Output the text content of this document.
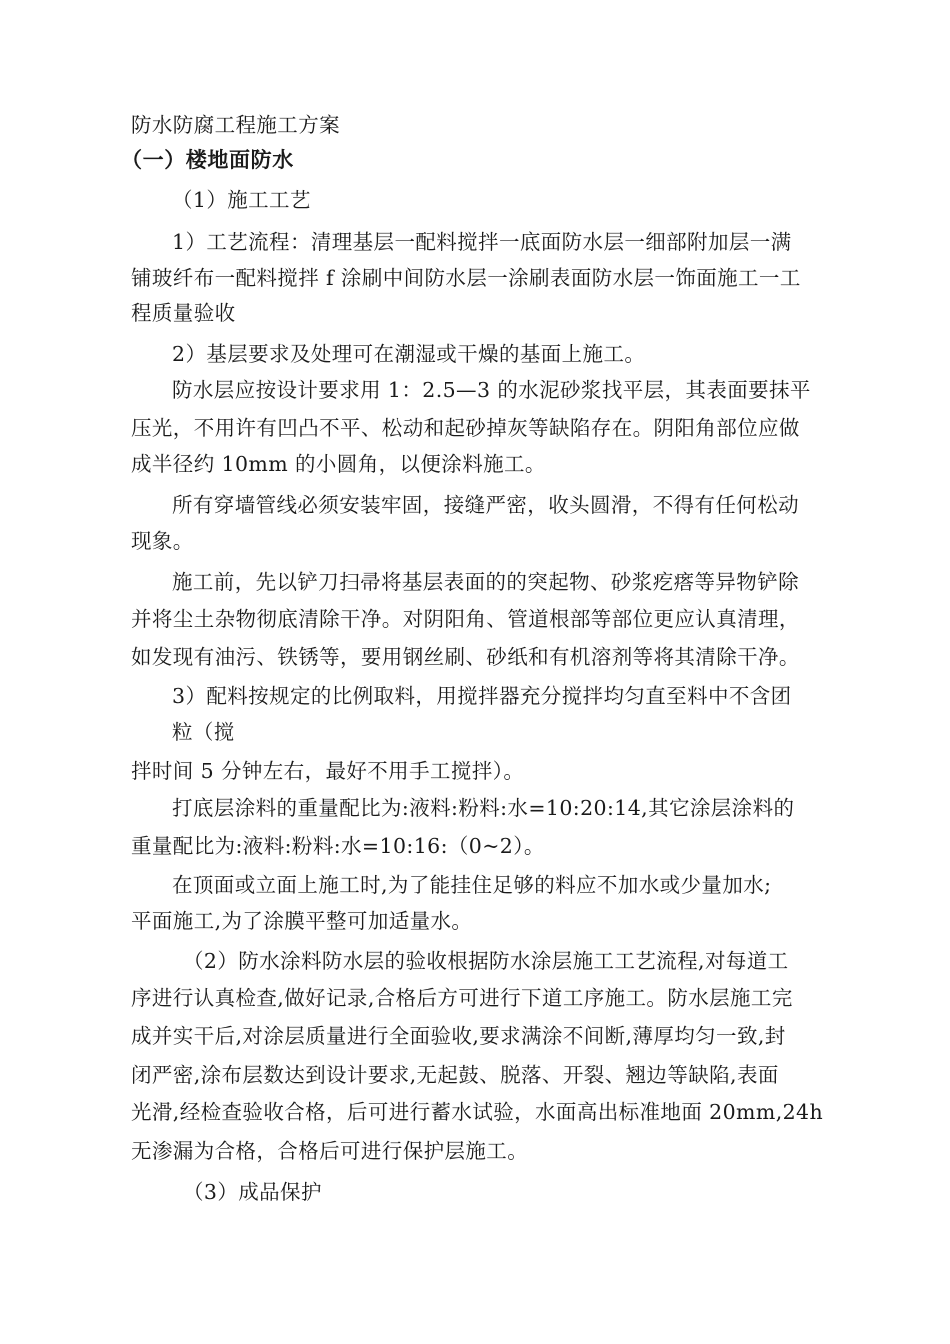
防水防腐工程施工方案
（一）楼地面防水
（1）施工工艺
1）工艺流程：清理基层一配料搅拌一底面防水层一细部附加层一满
铺玻纤布一配料搅拌 f 涂刷中间防水层一涂刷表面防水层一饰面施工一工
程质量验收
2）基层要求及处理可在潮湿或干燥的基面上施工。
防水层应按设计要求用 1：2.5—3 的水泥砂浆找平层，其表面要抹平
压光，不用许有凹凸不平、松动和起砂掉灰等缺陷存在。阴阳角部位应做
成半径约 10mm 的小圆角，以便涂料施工。
所有穿墙管线必须安装牢固，接缝严密，收头圆滑，不得有任何松动
现象。
施工前，先以铲刀扫帚将基层表面的的突起物、砂浆疙瘩等异物铲除
并将尘土杂物彻底清除干净。对阴阳角、管道根部等部位更应认真清理，
如发现有油污、铁锈等，要用钢丝刷、砂纸和有机溶剂等将其清除干净。
3）配料按规定的比例取料，用搅拌器充分搅拌均匀直至料中不含团
粒（搅
拌时间 5 分钟左右，最好不用手工搅拌）。
打底层涂料的重量配比为:液料:粉料:水=10:20:14,其它涂层涂料的
重量配比为:液料:粉料:水=10:16:（0~2）。
在顶面或立面上施工时,为了能挂住足够的料应不加水或少量加水;
平面施工,为了涂膜平整可加适量水。
（2）防水涂料防水层的验收根据防水涂层施工工艺流程,对每道工
序进行认真检查,做好记录,合格后方可进行下道工序施工。防水层施工完
成并实干后,对涂层质量进行全面验收,要求满涂不间断,薄厚均匀一致,封
闭严密,涂布层数达到设计要求,无起鼓、脱落、开裂、翘边等缺陷,表面
光滑,经检查验收合格，后可进行蓄水试验，水面高出标准地面 20mm,24h
无渗漏为合格，合格后可进行保护层施工。
（3）成品保护
